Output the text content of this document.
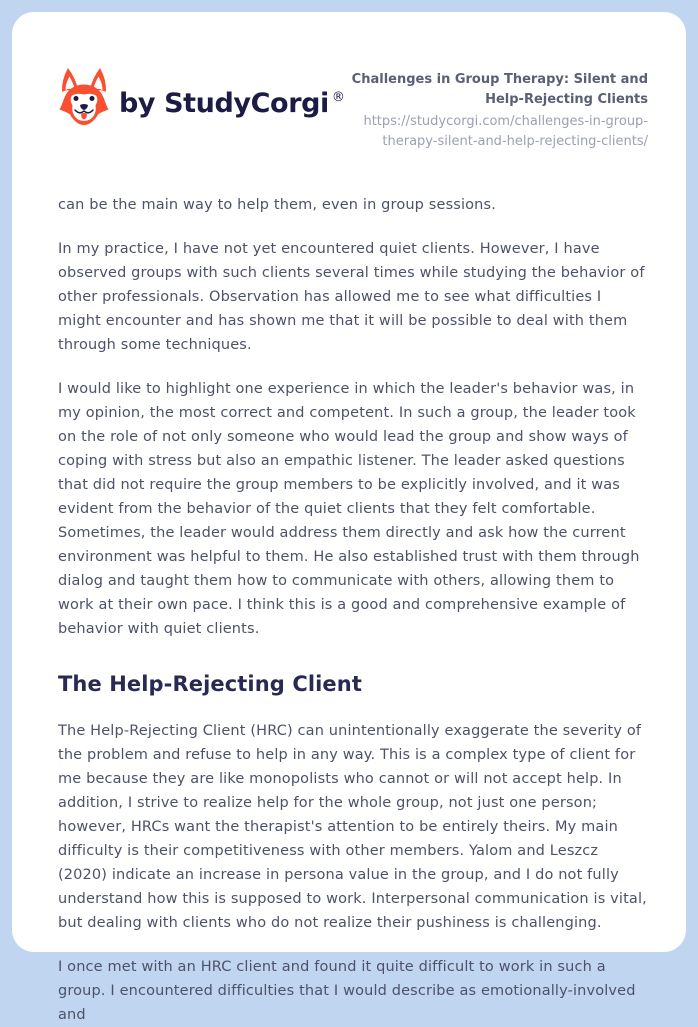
by StudyCorgi ®
Challenges in Group Therapy: Silent and Help-Rejecting Clients
https://studycorgi.com/challenges-in-group-therapy-silent-and-help-rejecting-clients/

can be the main way to help them, even in group sessions.

In my practice, I have not yet encountered quiet clients. However, I have observed groups with such clients several times while studying the behavior of other professionals. Observation has allowed me to see what difficulties I might encounter and has shown me that it will be possible to deal with them through some techniques.

I would like to highlight one experience in which the leader's behavior was, in my opinion, the most correct and competent. In such a group, the leader took on the role of not only someone who would lead the group and show ways of coping with stress but also an empathic listener. The leader asked questions that did not require the group members to be explicitly involved, and it was evident from the behavior of the quiet clients that they felt comfortable. Sometimes, the leader would address them directly and ask how the current environment was helpful to them. He also established trust with them through dialog and taught them how to communicate with others, allowing them to work at their own pace. I think this is a good and comprehensive example of behavior with quiet clients.

The Help-Rejecting Client

The Help-Rejecting Client (HRC) can unintentionally exaggerate the severity of the problem and refuse to help in any way. This is a complex type of client for me because they are like monopolists who cannot or will not accept help. In addition, I strive to realize help for the whole group, not just one person; however, HRCs want the therapist's attention to be entirely theirs. My main difficulty is their competitiveness with other members. Yalom and Leszcz (2020) indicate an increase in persona value in the group, and I do not fully understand how this is supposed to work. Interpersonal communication is vital, but dealing with clients who do not realize their pushiness is challenging.

I once met with an HRC client and found it quite difficult to work in such a group. I encountered difficulties that I would describe as emotionally-involved and
